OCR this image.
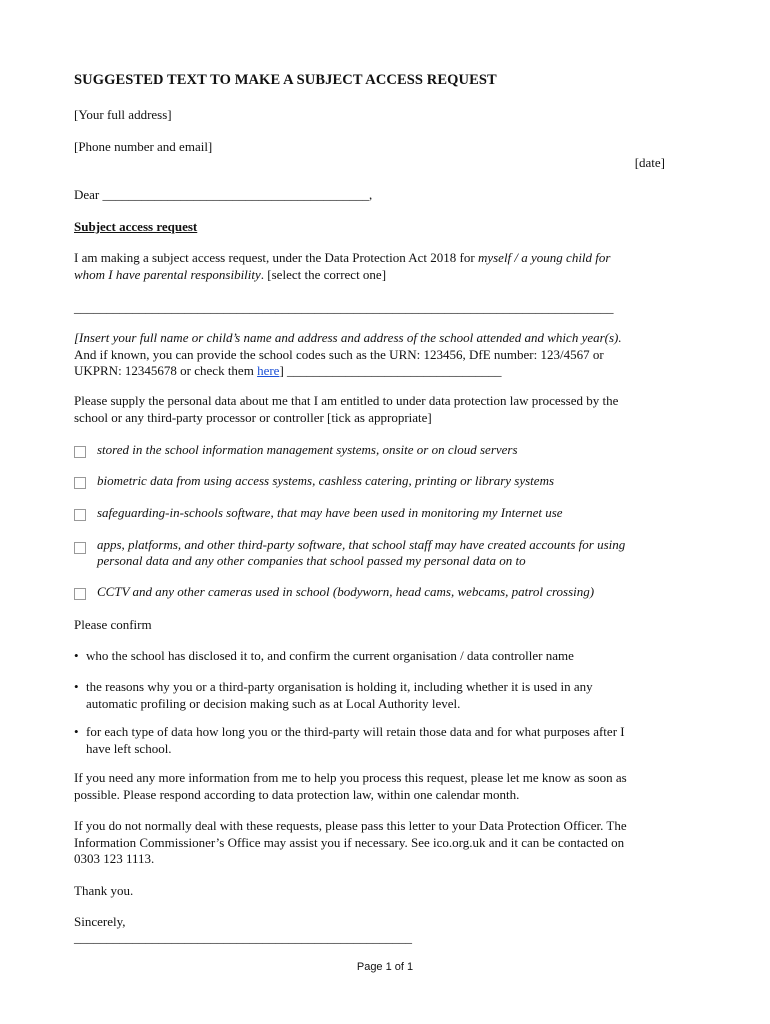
SUGGESTED TEXT TO MAKE A SUBJECT ACCESS REQUEST
[Your full address]
[Phone number and email]
[date]
Dear _________________________________________,
Subject access request
I am making a subject access request, under the Data Protection Act 2018 for myself / a young child for
whom I have parental responsibility. [select the correct one]
___________________________________________________________________________________
[Insert your full name or child’s name and address and address of the school attended and which year(s).
And if known, you can provide the school codes such as the URN: 123456, DfE number: 123/4567 or
UKPRN: 12345678 or check them here] _________________________________
Please supply the personal data about me that I am entitled to under data protection law processed by the
school or any third-party processor or controller [tick as appropriate]
stored in the school information management systems, onsite or on cloud servers
biometric data from using access systems, cashless catering, printing or library systems
safeguarding-in-schools software, that may have been used in monitoring my Internet use
apps, platforms, and other third-party software, that school staff may have created accounts for using
personal data and any other companies that school passed my personal data on to
CCTV and any other cameras used in school (bodyworn, head cams, webcams, patrol crossing)
Please confirm
• who the school has disclosed it to, and confirm the current organisation / data controller name
• the reasons why you or a third-party organisation is holding it, including whether it is used in any
automatic profiling or decision making such as at Local Authority level.
• for each type of data how long you or the third-party will retain those data and for what purposes after I
have left school.
If you need any more information from me to help you process this request, please let me know as soon as
possible. Please respond according to data protection law, within one calendar month.
If you do not normally deal with these requests, please pass this letter to your Data Protection Officer. The
Information Commissioner’s Office may assist you if necessary. See ico.org.uk and it can be contacted on
0303 123 1113.
Thank you.
Sincerely,
____________________________________________________
Page 1 of 1
